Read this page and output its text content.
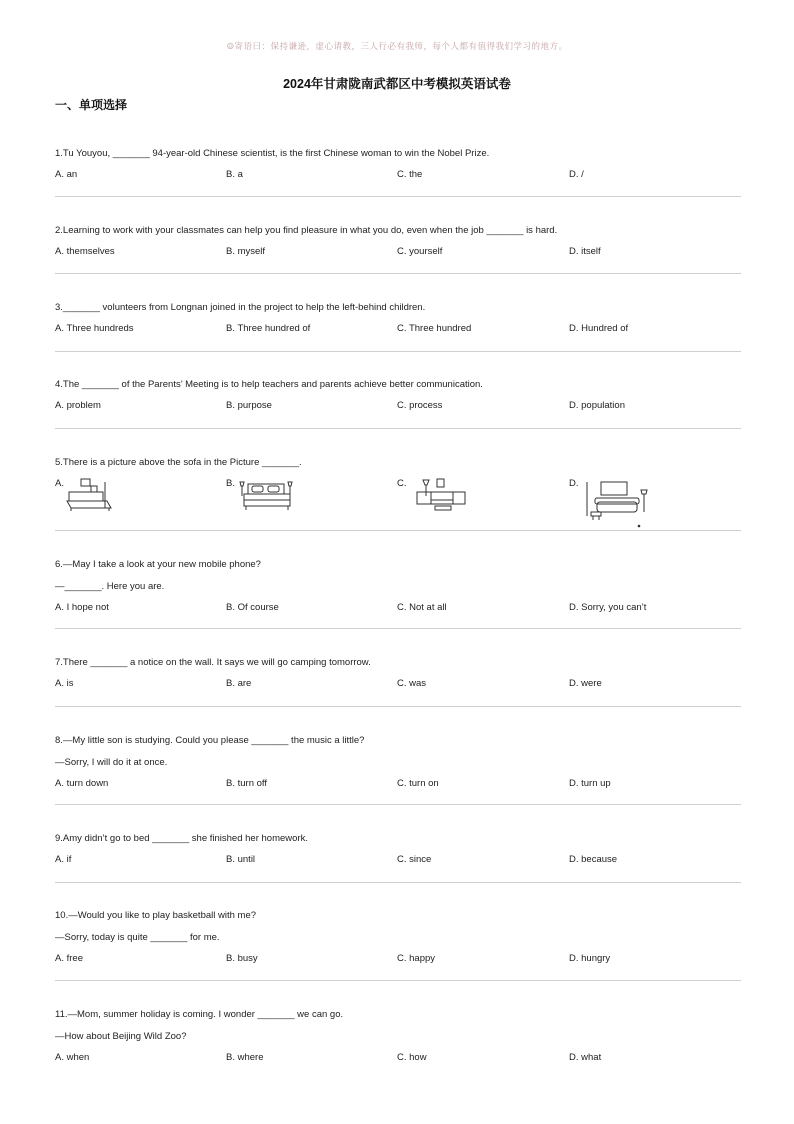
☺寄语曰：保持谦逊，虚心请教，三人行必有我师，每个人都有值得我们学习的地方。
2024年甘肃陇南武都区中考模拟英语试卷
一、单项选择
1.Tu Youyou, _______ 94-year-old Chinese scientist, is the first Chinese woman to win the Nobel Prize.
A. an	B. a	C. the	D. /
2.Learning to work with your classmates can help you find pleasure in what you do, even when the job _______ is hard.
A. themselves	B. myself	C. yourself	D. itself
3._______ volunteers from Longnan joined in the project to help the left-behind children.
A. Three hundreds	B. Three hundred of	C. Three hundred	D. Hundred of
4.The _______ of the Parents’ Meeting is to help teachers and parents achieve better communication.
A. problem	B. purpose	C. process	D. population
5.There is a picture above the sofa in the Picture _______.
A.	B.	C.	D.
6.—May I take a look at your new mobile phone?
—_______. Here you are.
A. I hope not	B. Of course	C. Not at all	D. Sorry, you can’t
7.There _______ a notice on the wall. It says we will go camping tomorrow.
A. is	B. are	C. was	D. were
8.—My little son is studying. Could you please _______ the music a little?
—Sorry, I will do it at once.
A. turn down	B. turn off	C. turn on	D. turn up
9.Amy didn’t go to bed _______ she finished her homework.
A. if	B. until	C. since	D. because
10.—Would you like to play basketball with me?
—Sorry, today is quite _______ for me.
A. free	B. busy	C. happy	D. hungry
11.—Mom, summer holiday is coming. I wonder _______ we can go.
—How about Beijing Wild Zoo?
A. when	B. where	C. how	D. what
